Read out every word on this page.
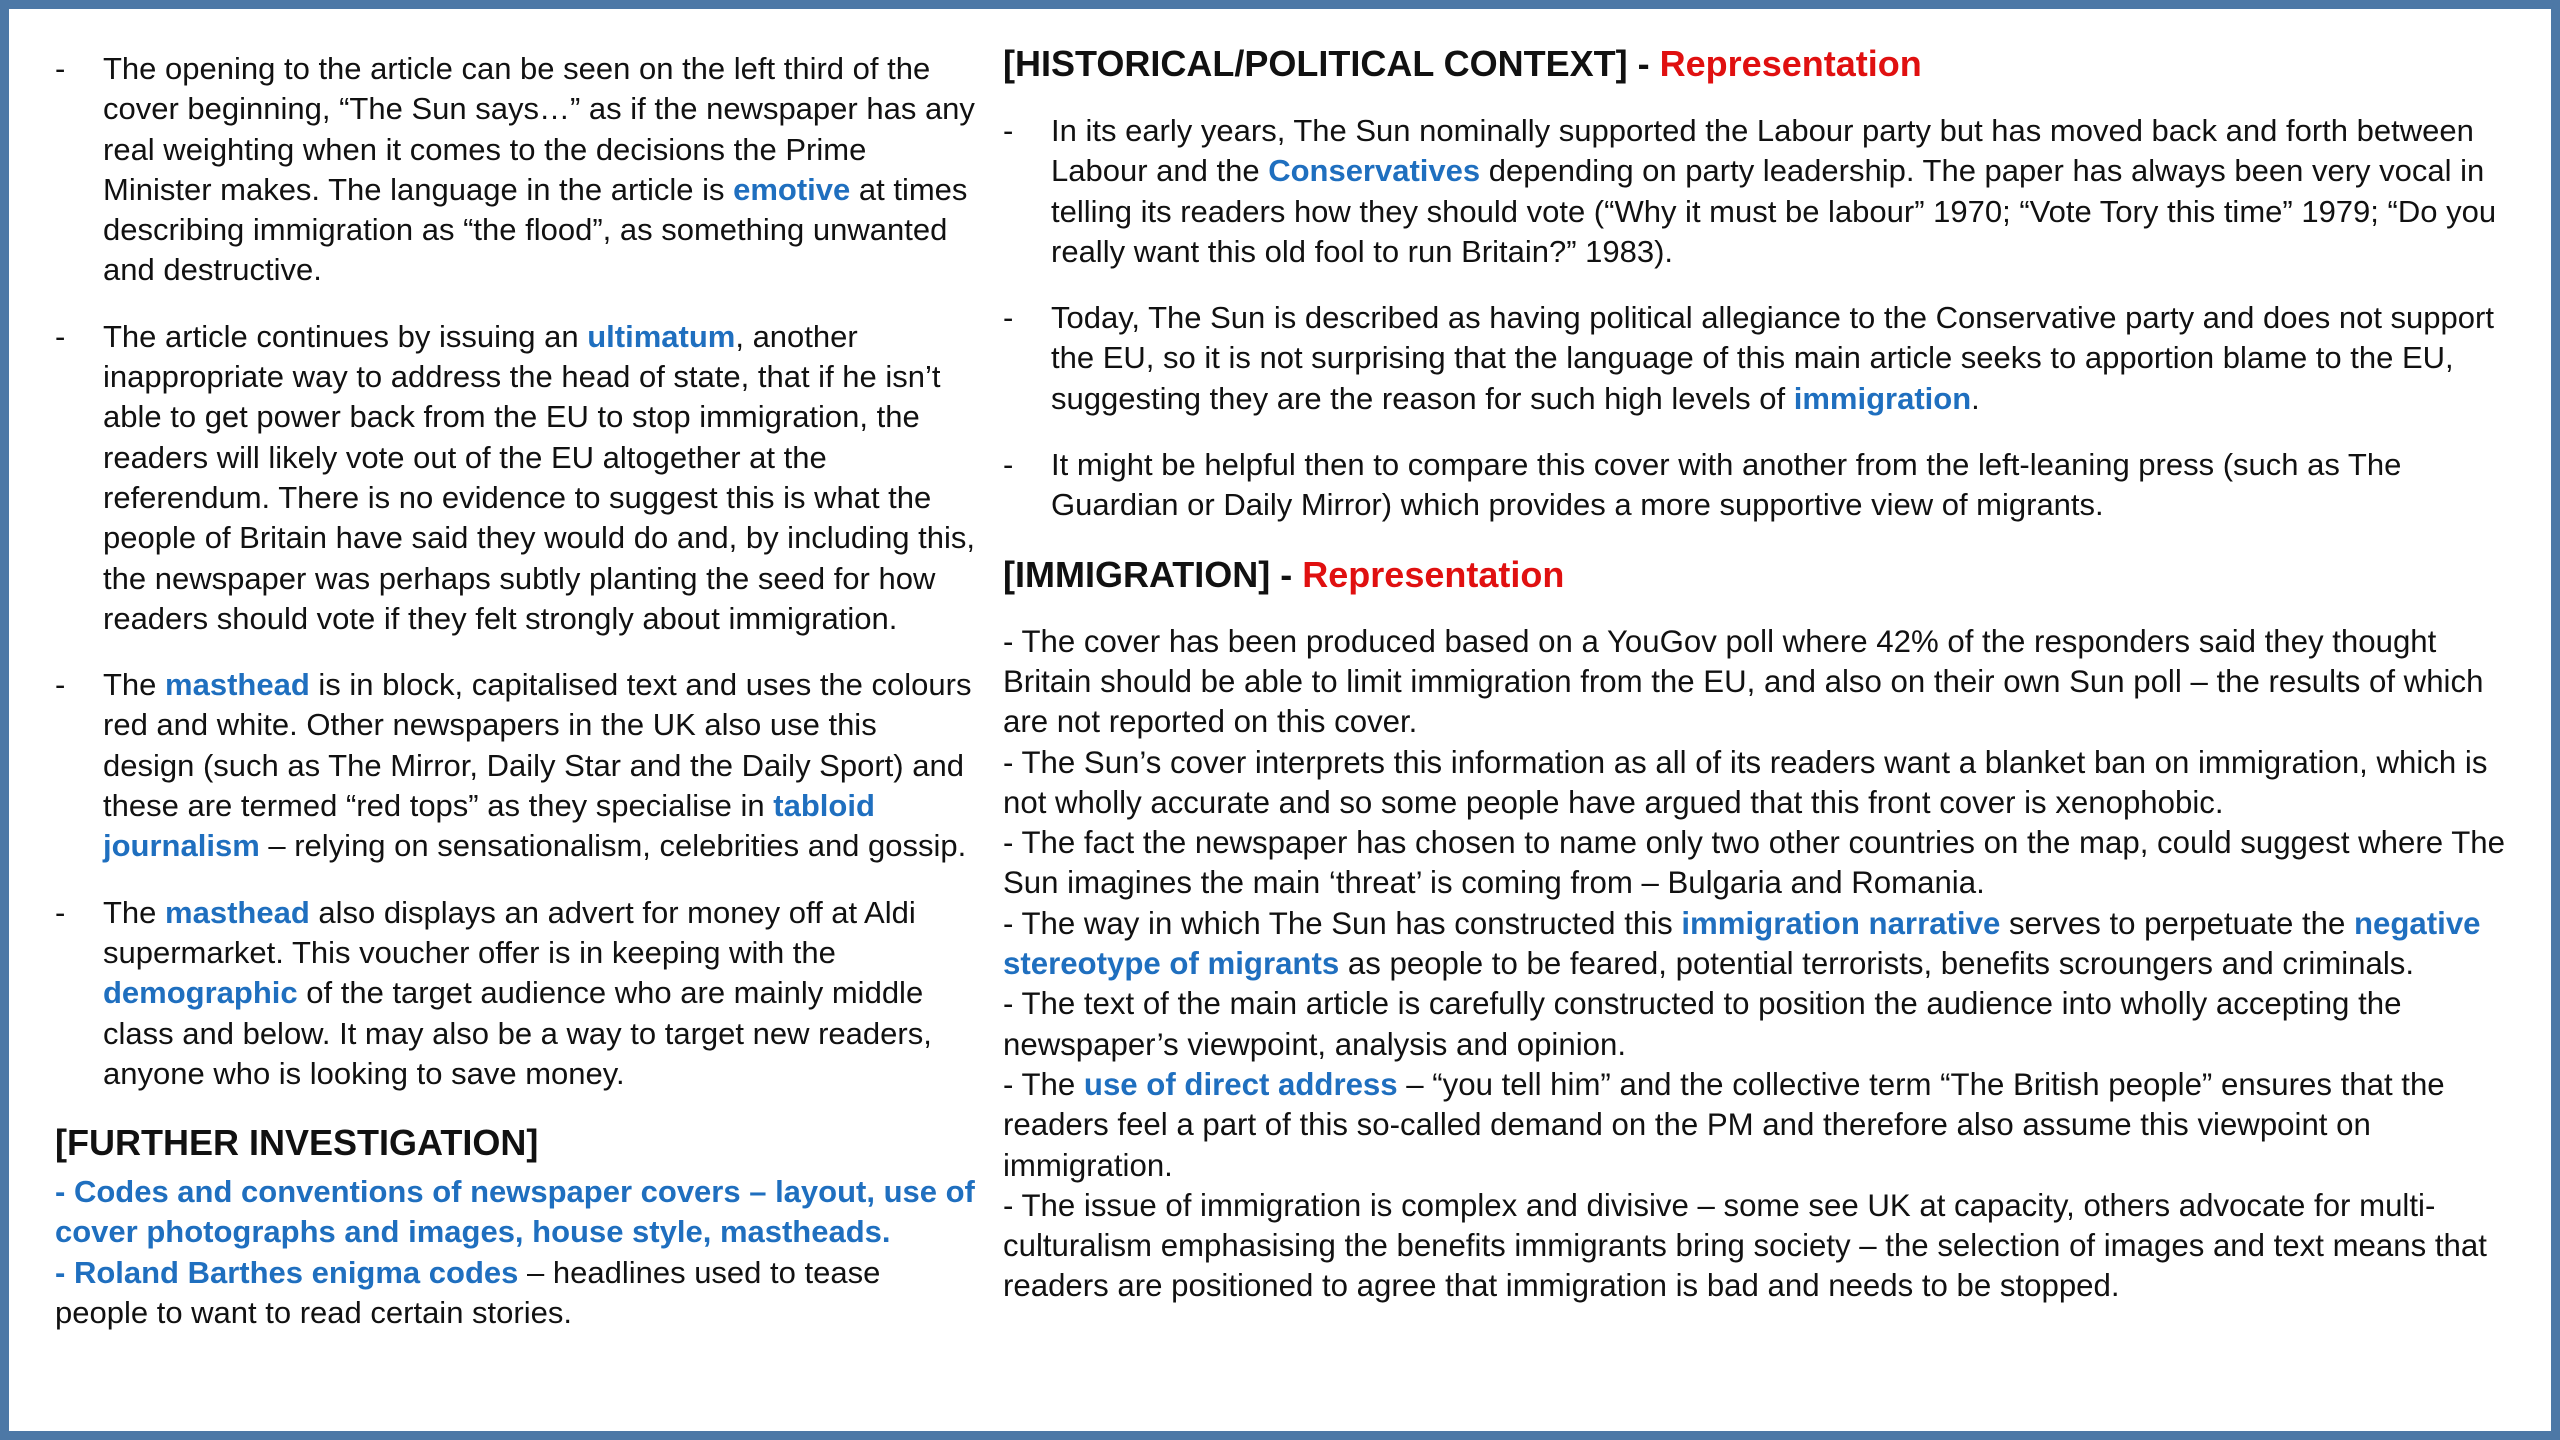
- The opening to the article can be seen on the left third of the cover beginning, “The Sun says…” as if the newspaper has any real weighting when it comes to the decisions the Prime Minister makes. The language in the article is emotive at times describing immigration as “the flood”, as something unwanted and destructive.
- The article continues by issuing an ultimatum, another inappropriate way to address the head of state, that if he isn’t able to get power back from the EU to stop immigration, the readers will likely vote out of the EU altogether at the referendum. There is no evidence to suggest this is what the people of Britain have said they would do and, by including this, the newspaper was perhaps subtly planting the seed for how readers should vote if they felt strongly about immigration.
- The masthead is in block, capitalised text and uses the colours red and white. Other newspapers in the UK also use this design (such as The Mirror, Daily Star and the Daily Sport) and these are termed “red tops” as they specialise in tabloid journalism – relying on sensationalism, celebrities and gossip.
- The masthead also displays an advert for money off at Aldi supermarket. This voucher offer is in keeping with the demographic of the target audience who are mainly middle class and below. It may also be a way to target new readers, anyone who is looking to save money.
[FURTHER INVESTIGATION]

- Codes and conventions of newspaper covers – layout, use of cover photographs and images, house style, mastheads.

- Roland Barthes enigma codes – headlines used to tease people to want to read certain stories.

[HISTORICAL/POLITICAL CONTEXT] - Representation
- In its early years, The Sun nominally supported the Labour party but has moved back and forth between Labour and the Conservatives depending on party leadership. The paper has always been very vocal in telling its readers how they should vote (“Why it must be labour” 1970; “Vote Tory this time” 1979; “Do you really want this old fool to run Britain?” 1983).
- Today, The Sun is described as having political allegiance to the Conservative party and does not support the EU, so it is not surprising that the language of this main article seeks to apportion blame to the EU, suggesting they are the reason for such high levels of immigration.
- It might be helpful then to compare this cover with another from the left-leaning press (such as The Guardian or Daily Mirror) which provides a more supportive view of migrants.
[IMMIGRATION] - Representation

- The cover has been produced based on a YouGov poll where 42% of the responders said they thought Britain should be able to limit immigration from the EU, and also on their own Sun poll – the results of which are not reported on this cover.

- The Sun’s cover interprets this information as all of its readers want a blanket ban on immigration, which is not wholly accurate and so some people have argued that this front cover is xenophobic.

- The fact the newspaper has chosen to name only two other countries on the map, could suggest where The Sun imagines the main ‘threat’ is coming from – Bulgaria and Romania.

- The way in which The Sun has constructed this immigration narrative serves to perpetuate the negative stereotype of migrants as people to be feared, potential terrorists, benefits scroungers and criminals.

- The text of the main article is carefully constructed to position the audience into wholly accepting the newspaper’s viewpoint, analysis and opinion.

- The use of direct address – “you tell him” and the collective term “The British people” ensures that the readers feel a part of this so-called demand on the PM and therefore also assume this viewpoint on immigration.

- The issue of immigration is complex and divisive – some see UK at capacity, others advocate for multi-culturalism emphasising the benefits immigrants bring society – the selection of images and text means that readers are positioned to agree that immigration is bad and needs to be stopped.
